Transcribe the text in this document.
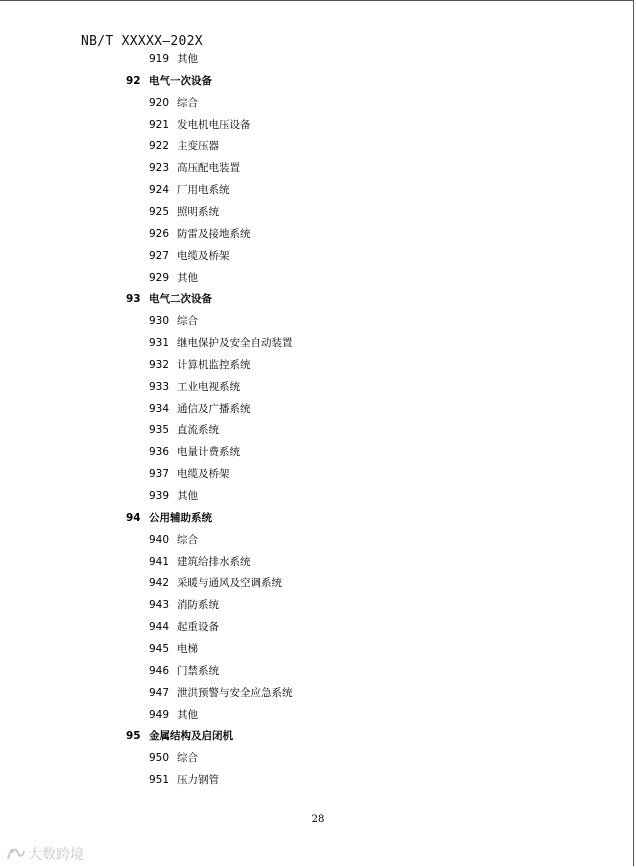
NB/T XXXXX—202X
919 其他
92 电气一次设备
920 综合
921 发电机电压设备
922 主变压器
923 高压配电装置
924 厂用电系统
925 照明系统
926 防雷及接地系统
927 电缆及桥架
929 其他
93 电气二次设备
930 综合
931 继电保护及安全自动装置
932 计算机监控系统
933 工业电视系统
934 通信及广播系统
935 直流系统
936 电量计费系统
937 电缆及桥架
939 其他
94 公用辅助系统
940 综合
941 建筑给排水系统
942 采暖与通风及空调系统
943 消防系统
944 起重设备
945 电梯
946 门禁系统
947 泄洪预警与安全应急系统
949 其他
95 金属结构及启闭机
950 综合
951 压力钢管
28
大数跨境
